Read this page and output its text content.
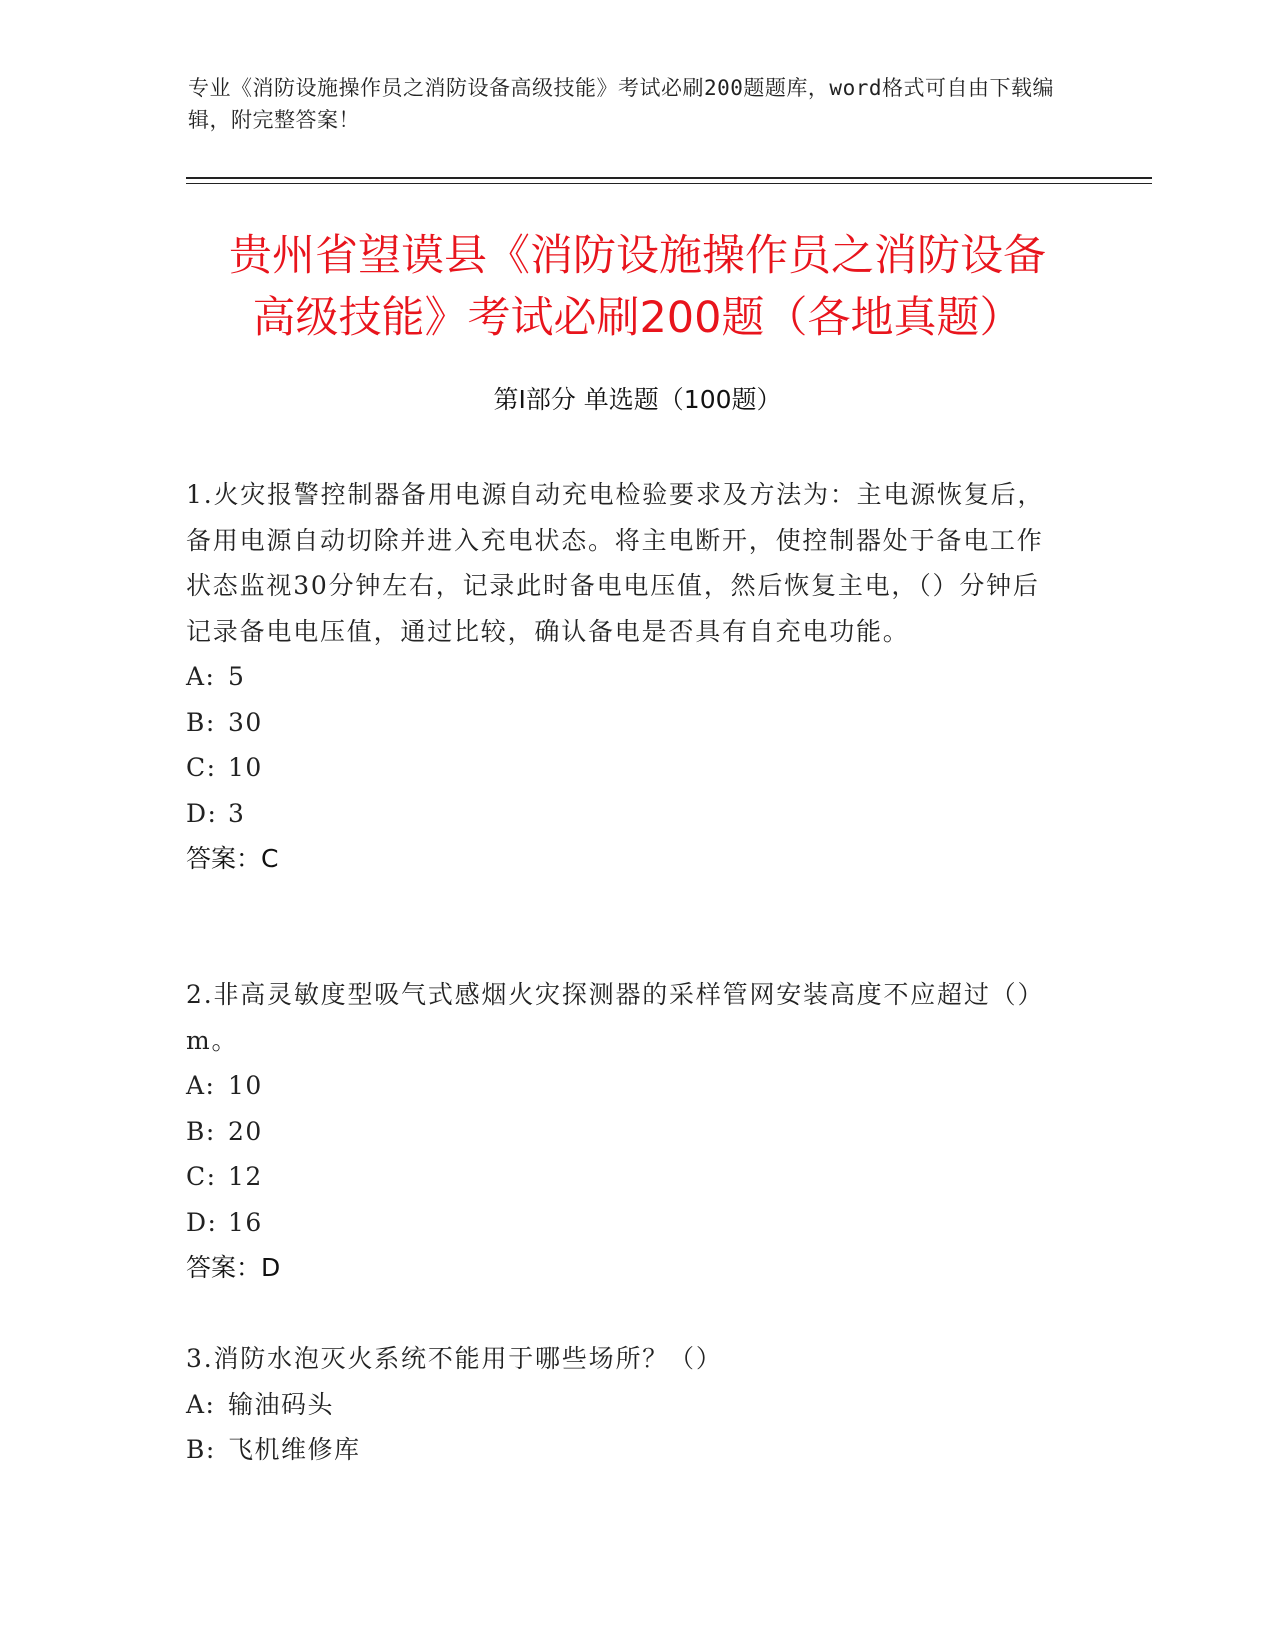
专业《消防设施操作员之消防设备高级技能》考试必刷200题题库，word格式可自由下载编辑，附完整答案！
贵州省望谟县《消防设施操作员之消防设备
高级技能》考试必刷200题（各地真题）
第Ⅰ部分 单选题（100题）

1.火灾报警控制器备用电源自动充电检验要求及方法为：主电源恢复后，备用电源自动切除并进入充电状态。将主电断开，使控制器处于备电工作状态监视30分钟左右，记录此时备电电压值，然后恢复主电，（）分钟后记录备电电压值，通过比较，确认备电是否具有自充电功能。

A: 5

B: 30

C: 10

D: 3

答案：C

2.非高灵敏度型吸气式感烟火灾探测器的采样管网安装高度不应超过（）m。

A: 10

B: 20

C: 12

D: 16

答案：D

3.消防水泡灭火系统不能用于哪些场所？（）

A: 输油码头

B: 飞机维修库
